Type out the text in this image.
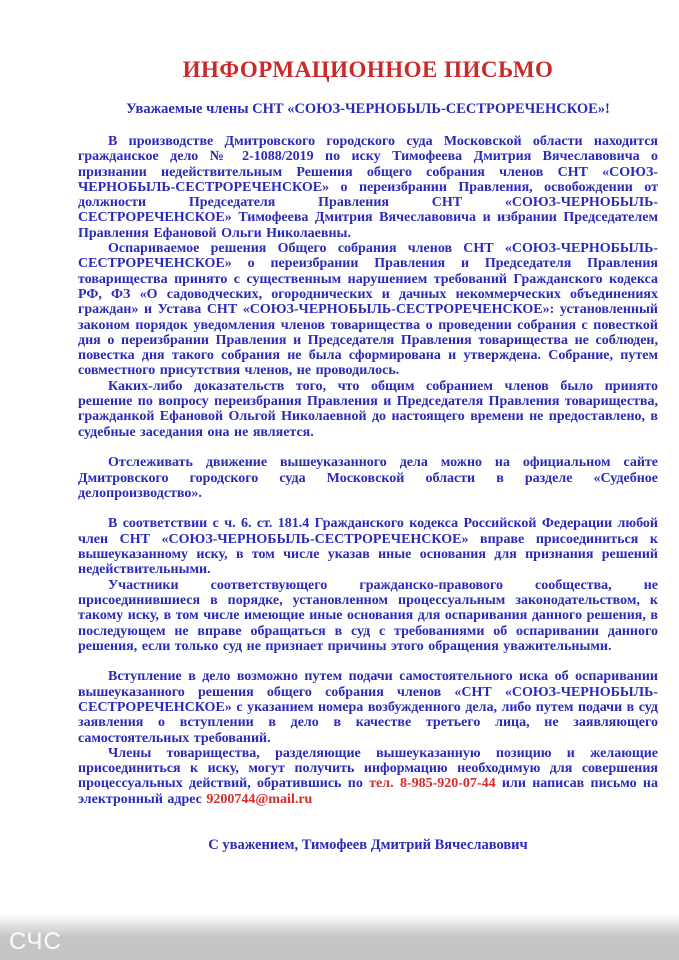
ИНФОРМАЦИОННОЕ ПИСЬМО
Уважаемые члены СНТ «СОЮЗ-ЧЕРНОБЫЛЬ-СЕСТРОРЕЧЕНСКОЕ»!

В производстве Дмитровского городского суда Московской области находится гражданское дело № 2-1088/2019 по иску Тимофеева Дмитрия Вячеславовича о признании недействительным Решения общего собрания членов СНТ «СОЮЗ-ЧЕРНОБЫЛЬ-СЕСТРОРЕЧЕНСКОЕ» о переизбрании Правления, освобождении от должности Председателя Правления СНТ «СОЮЗ-ЧЕРНОБЫЛЬ-СЕСТРОРЕЧЕНСКОЕ» Тимофеева Дмитрия Вячеславовича и избрании Председателем Правления Ефановой Ольги Николаевны.

Оспариваемое решения Общего собрания членов СНТ «СОЮЗ-ЧЕРНОБЫЛЬ-СЕСТРОРЕЧЕНСКОЕ» о переизбрании Правления и Председателя Правления товарищества принято с существенным нарушением требований Гражданского кодекса РФ, ФЗ «О садоводческих, огороднических и дачных некоммерческих объединениях граждан» и Устава СНТ «СОЮЗ-ЧЕРНОБЫЛЬ-СЕСТРОРЕЧЕНСКОЕ»: установленный законом порядок уведомления членов товарищества о проведении собрания с повесткой дня о переизбрании Правления и Председателя Правления товарищества не соблюден, повестка дня такого собрания не была сформирована и утверждена. Собрание, путем совместного присутствия членов, не проводилось.

Каких-либо доказательств того, что общим собранием членов было принято решение по вопросу переизбрания Правления и Председателя Правления товарищества, гражданкой Ефановой Ольгой Николаевной до настоящего времени не предоставлено, в судебные заседания она не является.

Отслеживать движение вышеуказанного дела можно на официальном сайте Дмитровского городского суда Московской области в разделе «Судебное делопроизводство».

В соответствии с ч. 6. ст. 181.4 Гражданского кодекса Российской Федерации любой член СНТ «СОЮЗ-ЧЕРНОБЫЛЬ-СЕСТРОРЕЧЕНСКОЕ» вправе присоединиться к вышеуказанному иску, в том числе указав иные основания для признания решений недействительными.

Участники соответствующего гражданско-правового сообщества, не присоединившиеся в порядке, установленном процессуальным законодательством, к такому иску, в том числе имеющие иные основания для оспаривания данного решения, в последующем не вправе обращаться в суд с требованиями об оспаривании данного решения, если только суд не признает причины этого обращения уважительными.

Вступление в дело возможно путем подачи самостоятельного иска об оспаривании вышеуказанного решения общего собрания членов «СНТ «СОЮЗ-ЧЕРНОБЫЛЬ-СЕСТРОРЕЧЕНСКОЕ» с указанием номера возбужденного дела, либо путем подачи в суд заявления о вступлении в дело в качестве третьего лица, не заявляющего самостоятельных требований.

Члены товарищества, разделяющие вышеуказанную позицию и желающие присоединиться к иску, могут получить информацию необходимую для совершения процессуальных действий, обратившись по тел. 8-985-920-07-44 или написав письмо на электронный адрес 9200744@mail.ru

С уважением, Тимофеев Дмитрий Вячеславович
СЧС
